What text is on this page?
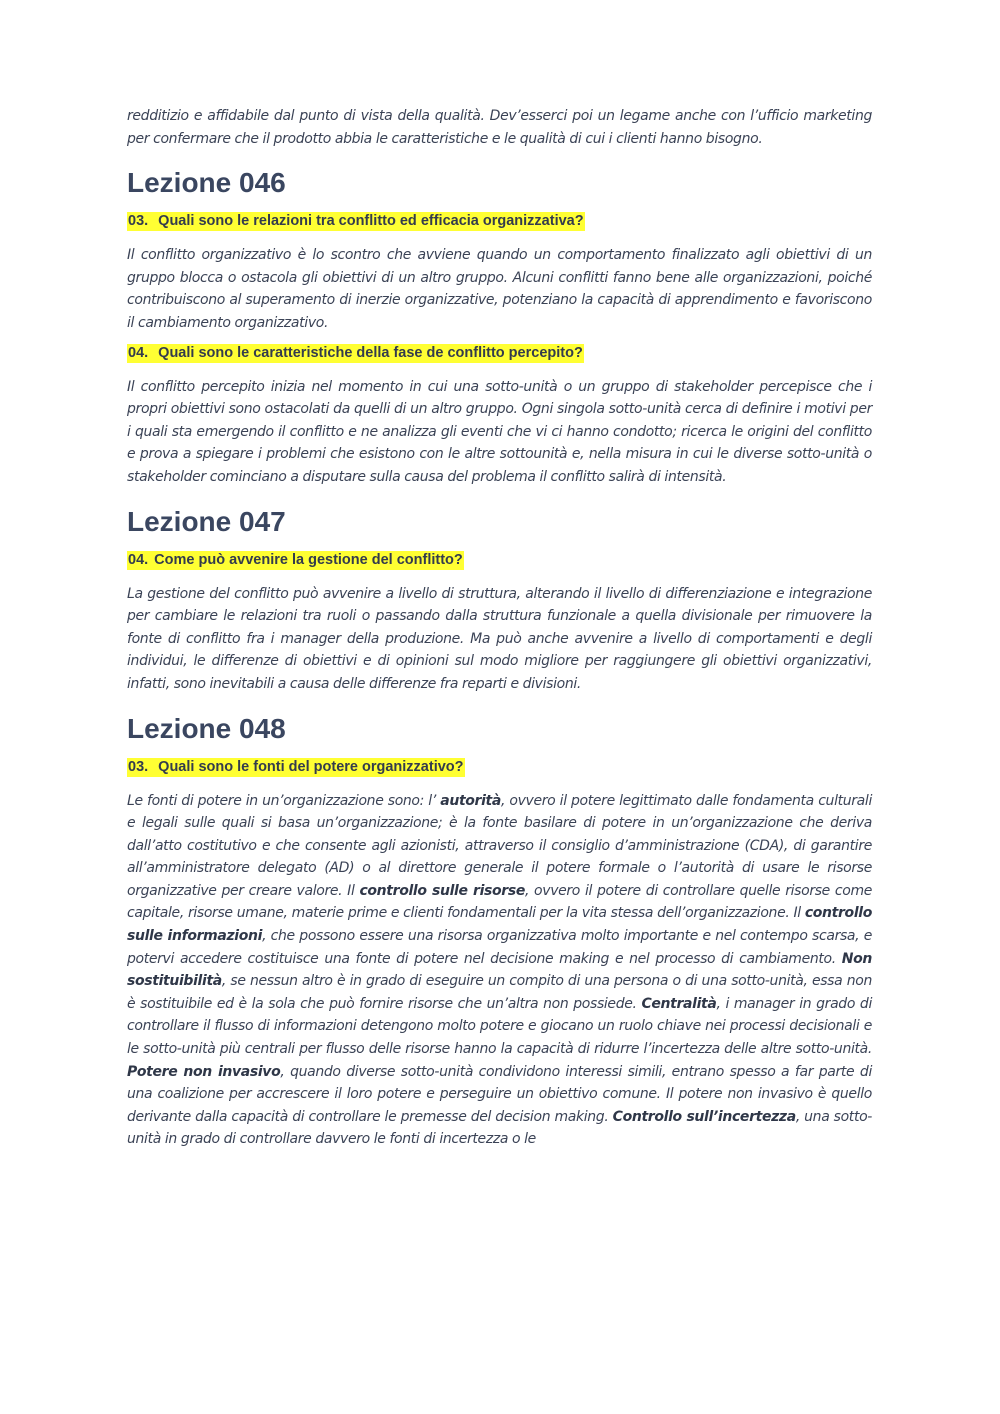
redditizio e affidabile dal punto di vista della qualità. Dev’esserci poi un legame anche con l’ufficio marketing per confermare che il prodotto abbia le caratteristiche e le qualità di cui i clienti hanno bisogno.

Lezione 046
03. Quali sono le relazioni tra conflitto ed efficacia organizzativa?

Il conflitto organizzativo è lo scontro che avviene quando un comportamento finalizzato agli obiettivi di un gruppo blocca o ostacola gli obiettivi di un altro gruppo. Alcuni conflitti fanno bene alle organizzazioni, poiché contribuiscono al superamento di inerzie organizzative, potenziano la capacità di apprendimento e favoriscono il cambiamento organizzativo.

04. Quali sono le caratteristiche della fase de conflitto percepito?

Il conflitto percepito inizia nel momento in cui una sotto-unità o un gruppo di stakeholder percepisce che i propri obiettivi sono ostacolati da quelli di un altro gruppo. Ogni singola sotto-unità cerca di definire i motivi per i quali sta emergendo il conflitto e ne analizza gli eventi che vi ci hanno condotto; ricerca le origini del conflitto e prova a spiegare i problemi che esistono con le altre sottounità e, nella misura in cui le diverse sotto-unità o stakeholder cominciano a disputare sulla causa del problema il conflitto salirà di intensità.

Lezione 047
04. Come può avvenire la gestione del conflitto?

La gestione del conflitto può avvenire a livello di struttura, alterando il livello di differenziazione e integrazione per cambiare le relazioni tra ruoli o passando dalla struttura funzionale a quella divisionale per rimuovere la fonte di conflitto fra i manager della produzione. Ma può anche avvenire a livello di comportamenti e degli individui, le differenze di obiettivi e di opinioni sul modo migliore per raggiungere gli obiettivi organizzativi, infatti, sono inevitabili a causa delle differenze fra reparti e divisioni.

Lezione 048
03. Quali sono le fonti del potere organizzativo?

Le fonti di potere in un’organizzazione sono: l’ autorità, ovvero il potere legittimato dalle fondamenta culturali e legali sulle quali si basa un’organizzazione; è la fonte basilare di potere in un’organizzazione che deriva dall’atto costitutivo e che consente agli azionisti, attraverso il consiglio d’amministrazione (CDA), di garantire all’amministratore delegato (AD) o al direttore generale il potere formale o l’autorità di usare le risorse organizzative per creare valore. Il controllo sulle risorse, ovvero il potere di controllare quelle risorse come capitale, risorse umane, materie prime e clienti fondamentali per la vita stessa dell’organizzazione. Il controllo sulle informazioni, che possono essere una risorsa organizzativa molto importante e nel contempo scarsa, e potervi accedere costituisce una fonte di potere nel decisione making e nel processo di cambiamento. Non sostituibilità, se nessun altro è in grado di eseguire un compito di una persona o di una sotto-unità, essa non è sostituibile ed è la sola che può fornire risorse che un’altra non possiede. Centralità, i manager in grado di controllare il flusso di informazioni detengono molto potere e giocano un ruolo chiave nei processi decisionali e le sotto-unità più centrali per flusso delle risorse hanno la capacità di ridurre l’incertezza delle altre sotto-unità. Potere non invasivo, quando diverse sotto-unità condividono interessi simili, entrano spesso a far parte di una coalizione per accrescere il loro potere e perseguire un obiettivo comune. Il potere non invasivo è quello derivante dalla capacità di controllare le premesse del decision making. Controllo sull’incertezza, una sotto-unità in grado di controllare davvero le fonti di incertezza o le
